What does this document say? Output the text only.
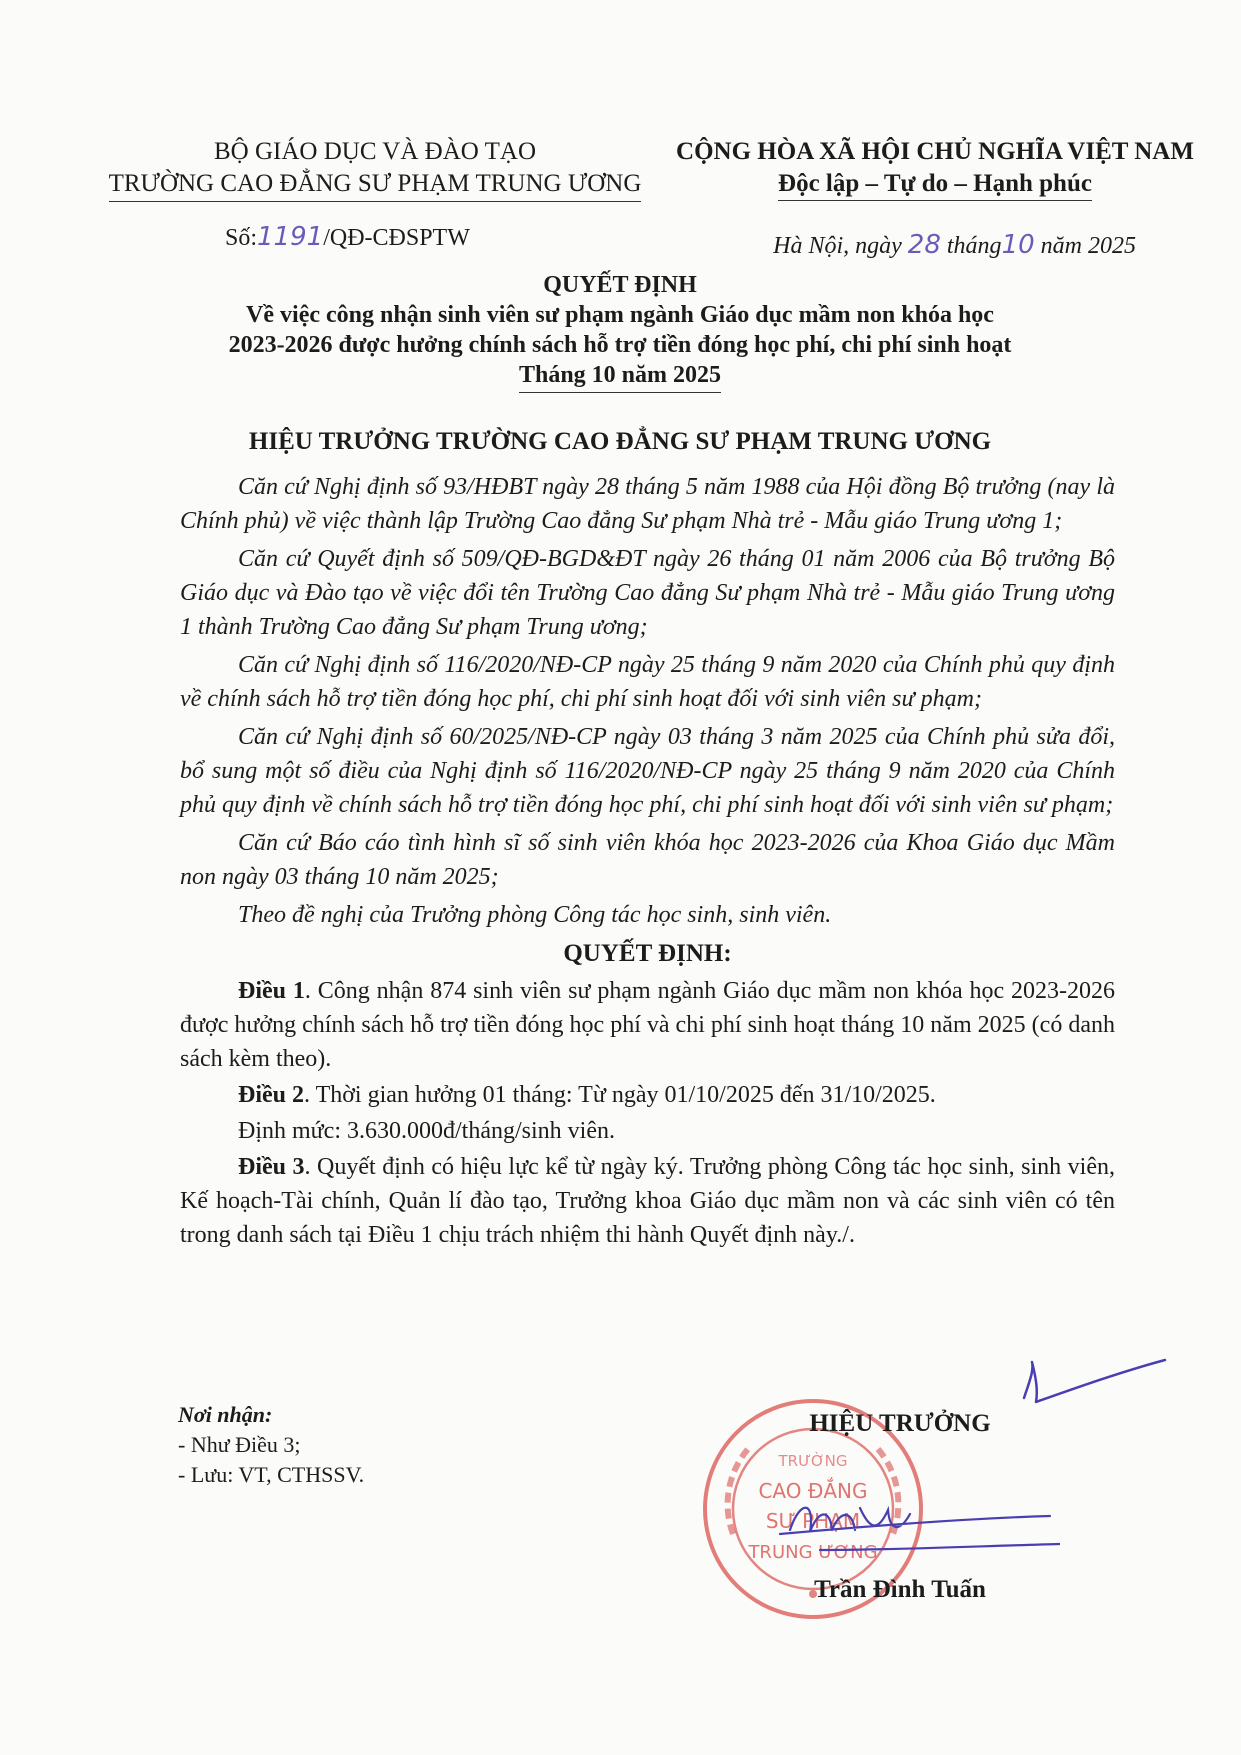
BỘ GIÁO DỤC VÀ ĐÀO TẠO
TRƯỜNG CAO ĐẲNG SƯ PHẠM TRUNG ƯƠNG
CỘNG HÒA XÃ HỘI CHỦ NGHĨA VIỆT NAM
Độc lập – Tự do – Hạnh phúc
Số:1191/QĐ-CĐSPTW	Hà Nội, ngày 28 tháng10 năm 2025
QUYẾT ĐỊNH
Về việc công nhận sinh viên sư phạm ngành Giáo dục mầm non khóa học
2023-2026 được hưởng chính sách hỗ trợ tiền đóng học phí, chi phí sinh hoạt
Tháng 10 năm 2025
HIỆU TRƯỞNG TRƯỜNG CAO ĐẲNG SƯ PHẠM TRUNG ƯƠNG

Căn cứ Nghị định số 93/HĐBT ngày 28 tháng 5 năm 1988 của Hội đồng Bộ trưởng (nay là Chính phủ) về việc thành lập Trường Cao đẳng Sư phạm Nhà trẻ - Mẫu giáo Trung ương 1;

Căn cứ Quyết định số 509/QĐ-BGD&ĐT ngày 26 tháng 01 năm 2006 của Bộ trưởng Bộ Giáo dục và Đào tạo về việc đổi tên Trường Cao đẳng Sư phạm Nhà trẻ - Mẫu giáo Trung ương 1 thành Trường Cao đẳng Sư phạm Trung ương;

Căn cứ Nghị định số 116/2020/NĐ-CP ngày 25 tháng 9 năm 2020 của Chính phủ quy định về chính sách hỗ trợ tiền đóng học phí, chi phí sinh hoạt đối với sinh viên sư phạm;

Căn cứ Nghị định số 60/2025/NĐ-CP ngày 03 tháng 3 năm 2025 của Chính phủ sửa đổi, bổ sung một số điều của Nghị định số 116/2020/NĐ-CP ngày 25 tháng 9 năm 2020 của Chính phủ quy định về chính sách hỗ trợ tiền đóng học phí, chi phí sinh hoạt đối với sinh viên sư phạm;

Căn cứ Báo cáo tình hình sĩ số sinh viên khóa học 2023-2026 của Khoa Giáo dục Mầm non ngày 03 tháng 10 năm 2025;

Theo đề nghị của Trưởng phòng Công tác học sinh, sinh viên.

QUYẾT ĐỊNH:

Điều 1. Công nhận 874 sinh viên sư phạm ngành Giáo dục mầm non khóa học 2023-2026 được hưởng chính sách hỗ trợ tiền đóng học phí và chi phí sinh hoạt tháng 10 năm 2025 (có danh sách kèm theo).

Điều 2. Thời gian hưởng 01 tháng: Từ ngày 01/10/2025 đến 31/10/2025.

Định mức: 3.630.000đ/tháng/sinh viên.

Điều 3. Quyết định có hiệu lực kể từ ngày ký. Trưởng phòng Công tác học sinh, sinh viên, Kế hoạch-Tài chính, Quản lí đào tạo, Trưởng khoa Giáo dục mầm non và các sinh viên có tên trong danh sách tại Điều 1 chịu trách nhiệm thi hành Quyết định này./.

Nơi nhận:
- Như Điều 3;
- Lưu: VT, CTHSSV.
TRƯỜNG
CAO ĐẲNG
SƯ PHẠM
TRUNG ƯƠNG
HIỆU TRƯỞNG
Trần Đình Tuấn
